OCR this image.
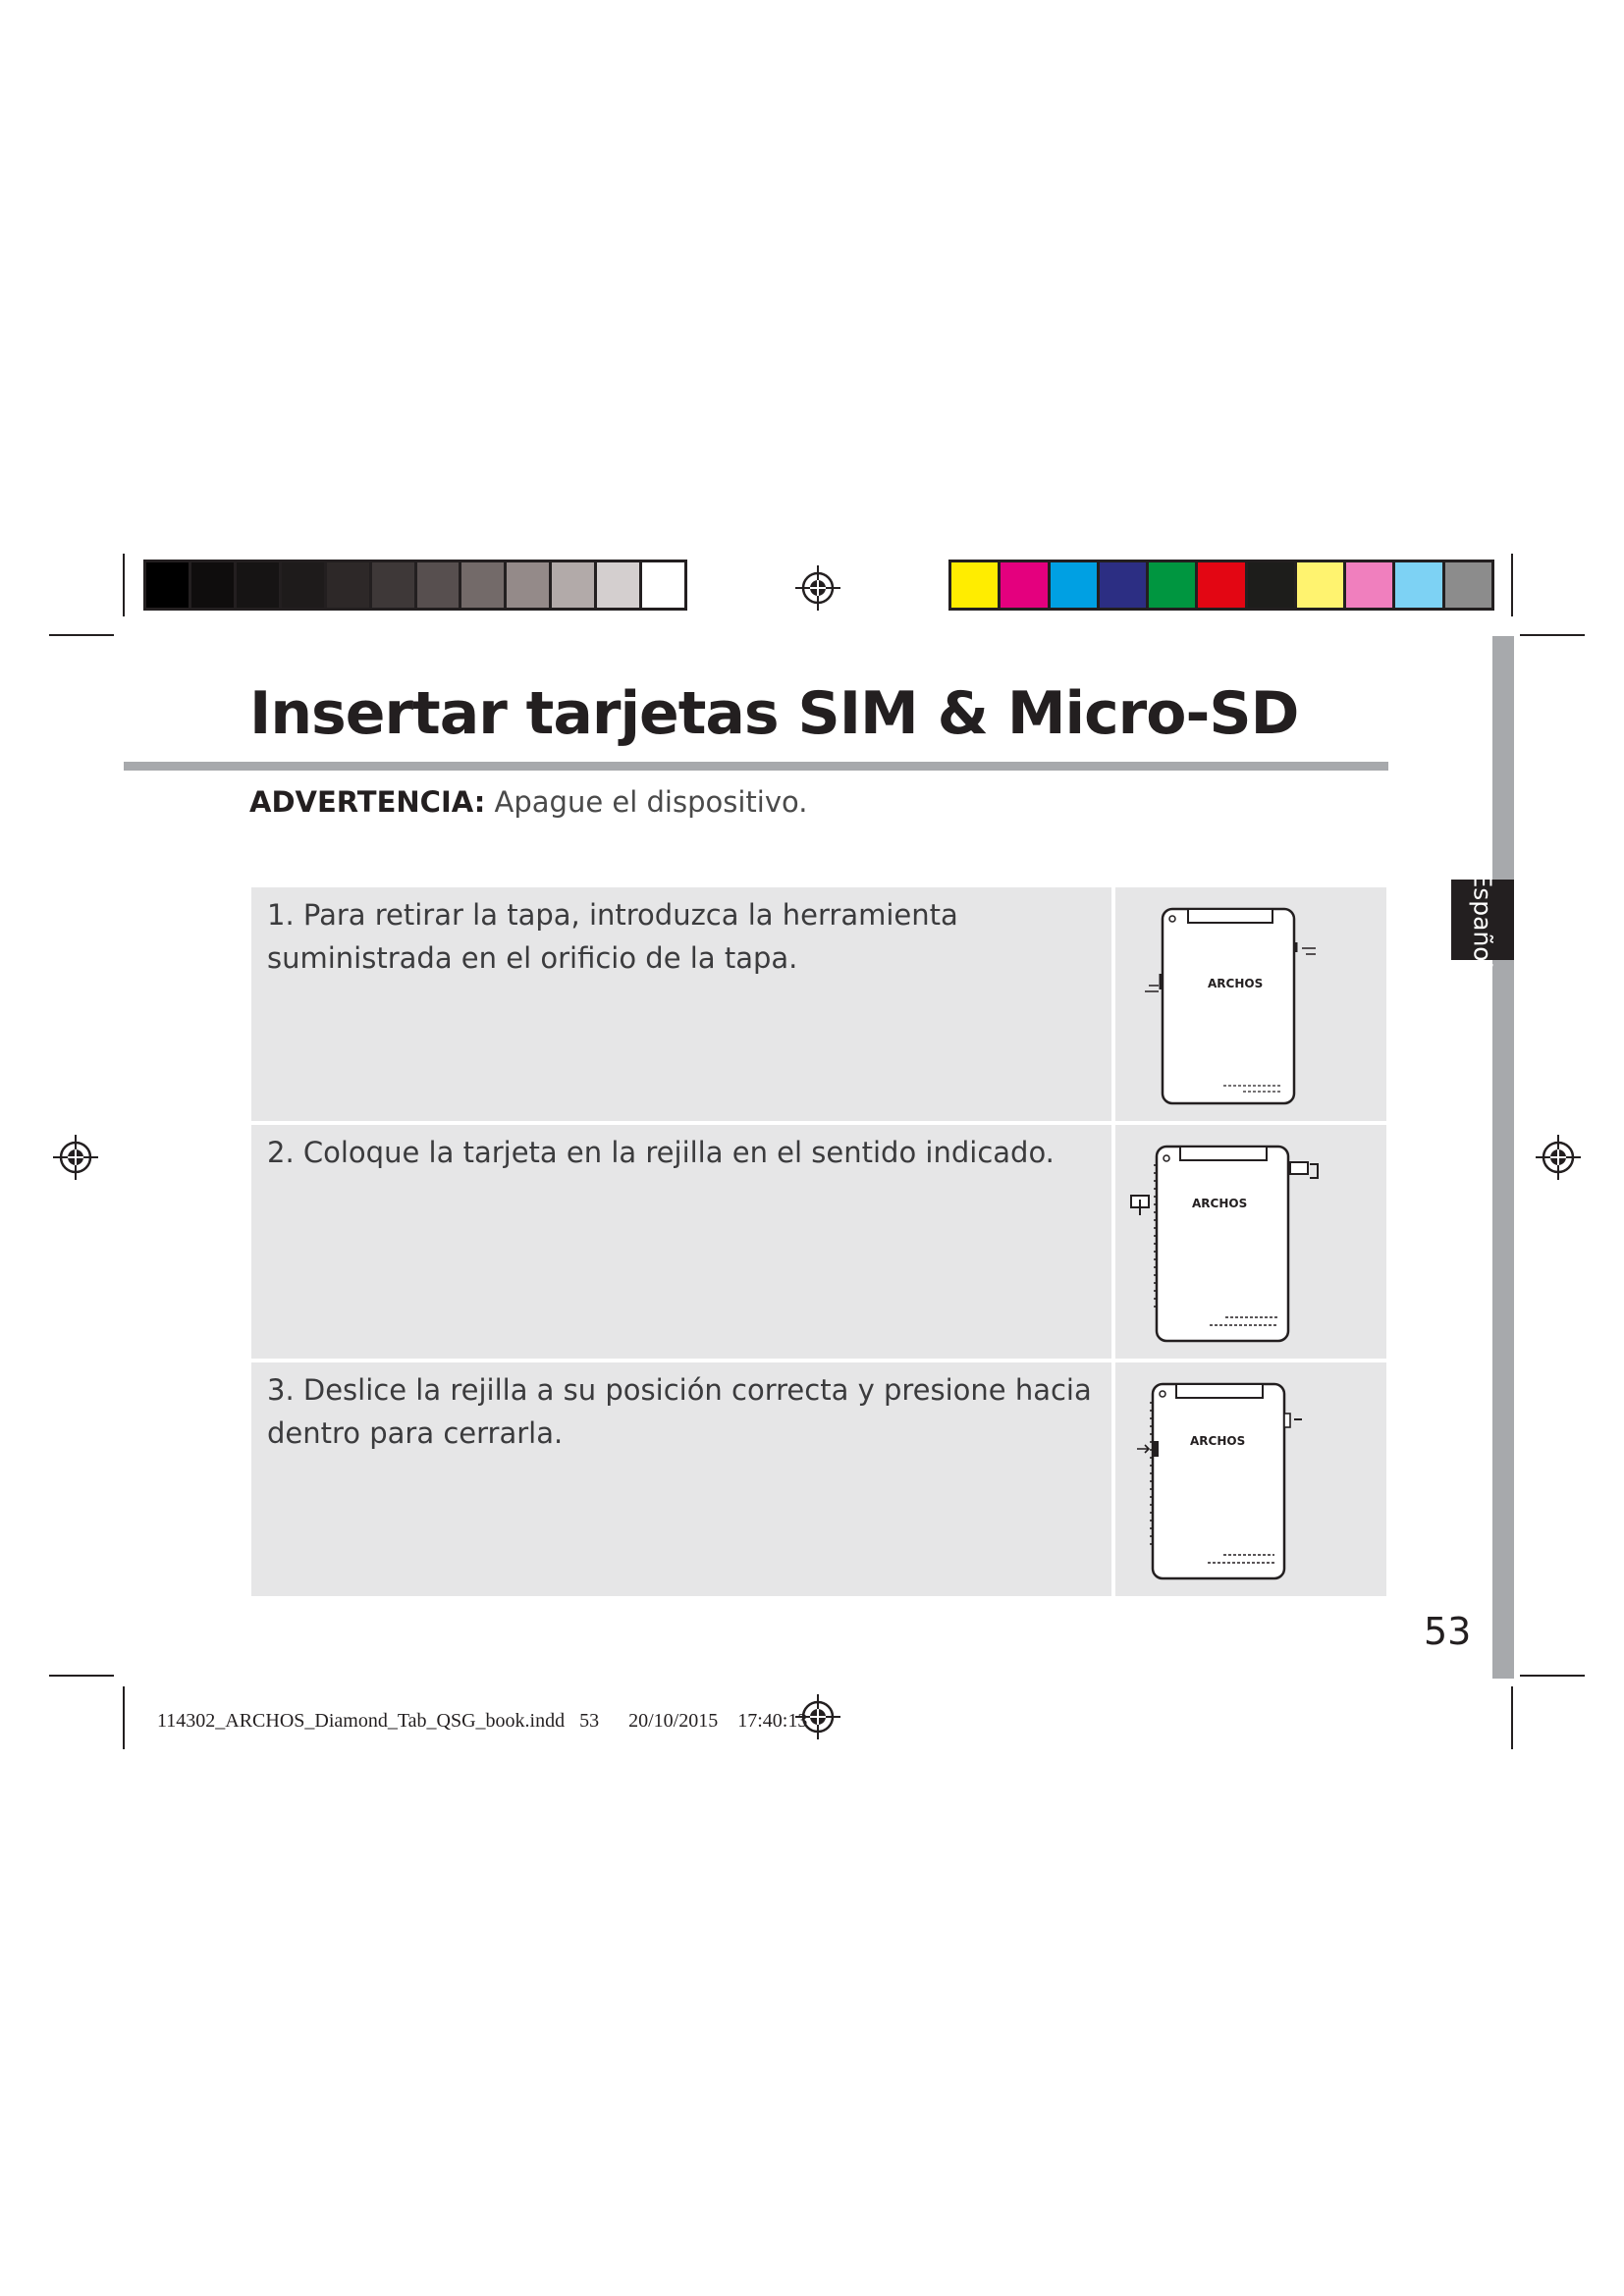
Español
Insertar tarjetas SIM & Micro-SD
ADVERTENCIA: Apague el dispositivo.
1. Para retirar la tapa, introduzca la herramienta suministrada en el orificio de la tapa.
ARCHOS
2. Coloque la tarjeta en la rejilla en el sentido indicado.
ARCHOS
3. Deslice la rejilla a su posición correcta y presione hacia dentro para cerrarla.	ARCHOS
53
114302_ARCHOS_Diamond_Tab_QSG_book.indd   53      20/10/2015    17:40:13
